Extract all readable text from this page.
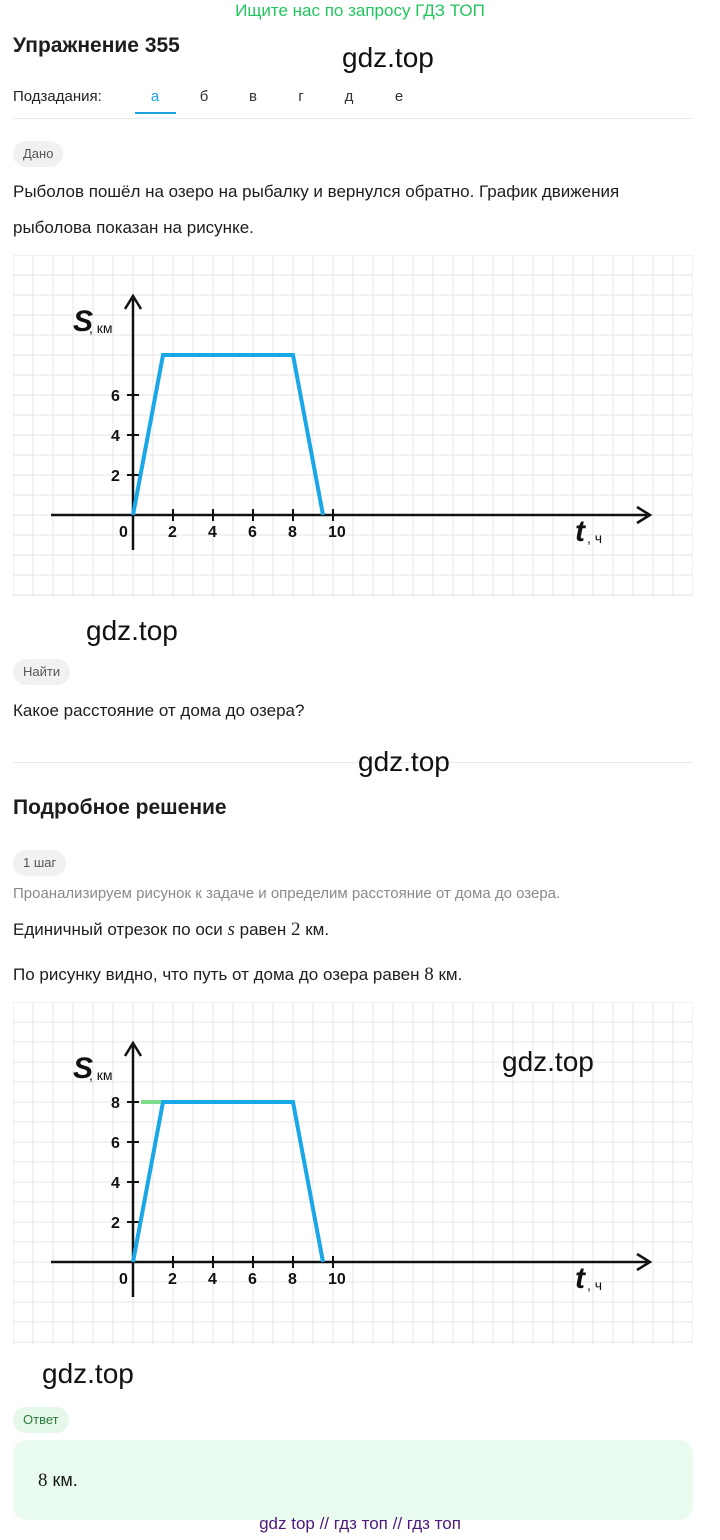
Ищите нас по запросу ГДЗ ТОП
Упражнение 355	gdz.top
Подзадания:	а	б	в	г	д	е
Дано
Рыболов пошёл на озеро на рыбалку и вернулся обратно. График движения рыболова показан на рисунке.
S
, км
t , ч
0	2 4 6 8 10
2
4
6
gdz.top
Найти
Какое расстояние от дома до озера?
gdz.top
Подробное решение
1 шаг
Проанализируем рисунок к задаче и определим расстояние от дома до озера.
Единичный отрезок по оси s равен 2 км.
По рисунку видно, что путь от дома до озера равен 8 км.
S
, км
t , ч
0	2 4 6 8 10
2
4
6
8
gdz.top
gdz.top
Ответ
8 км.
gdz top // гдз топ // гдз топ
